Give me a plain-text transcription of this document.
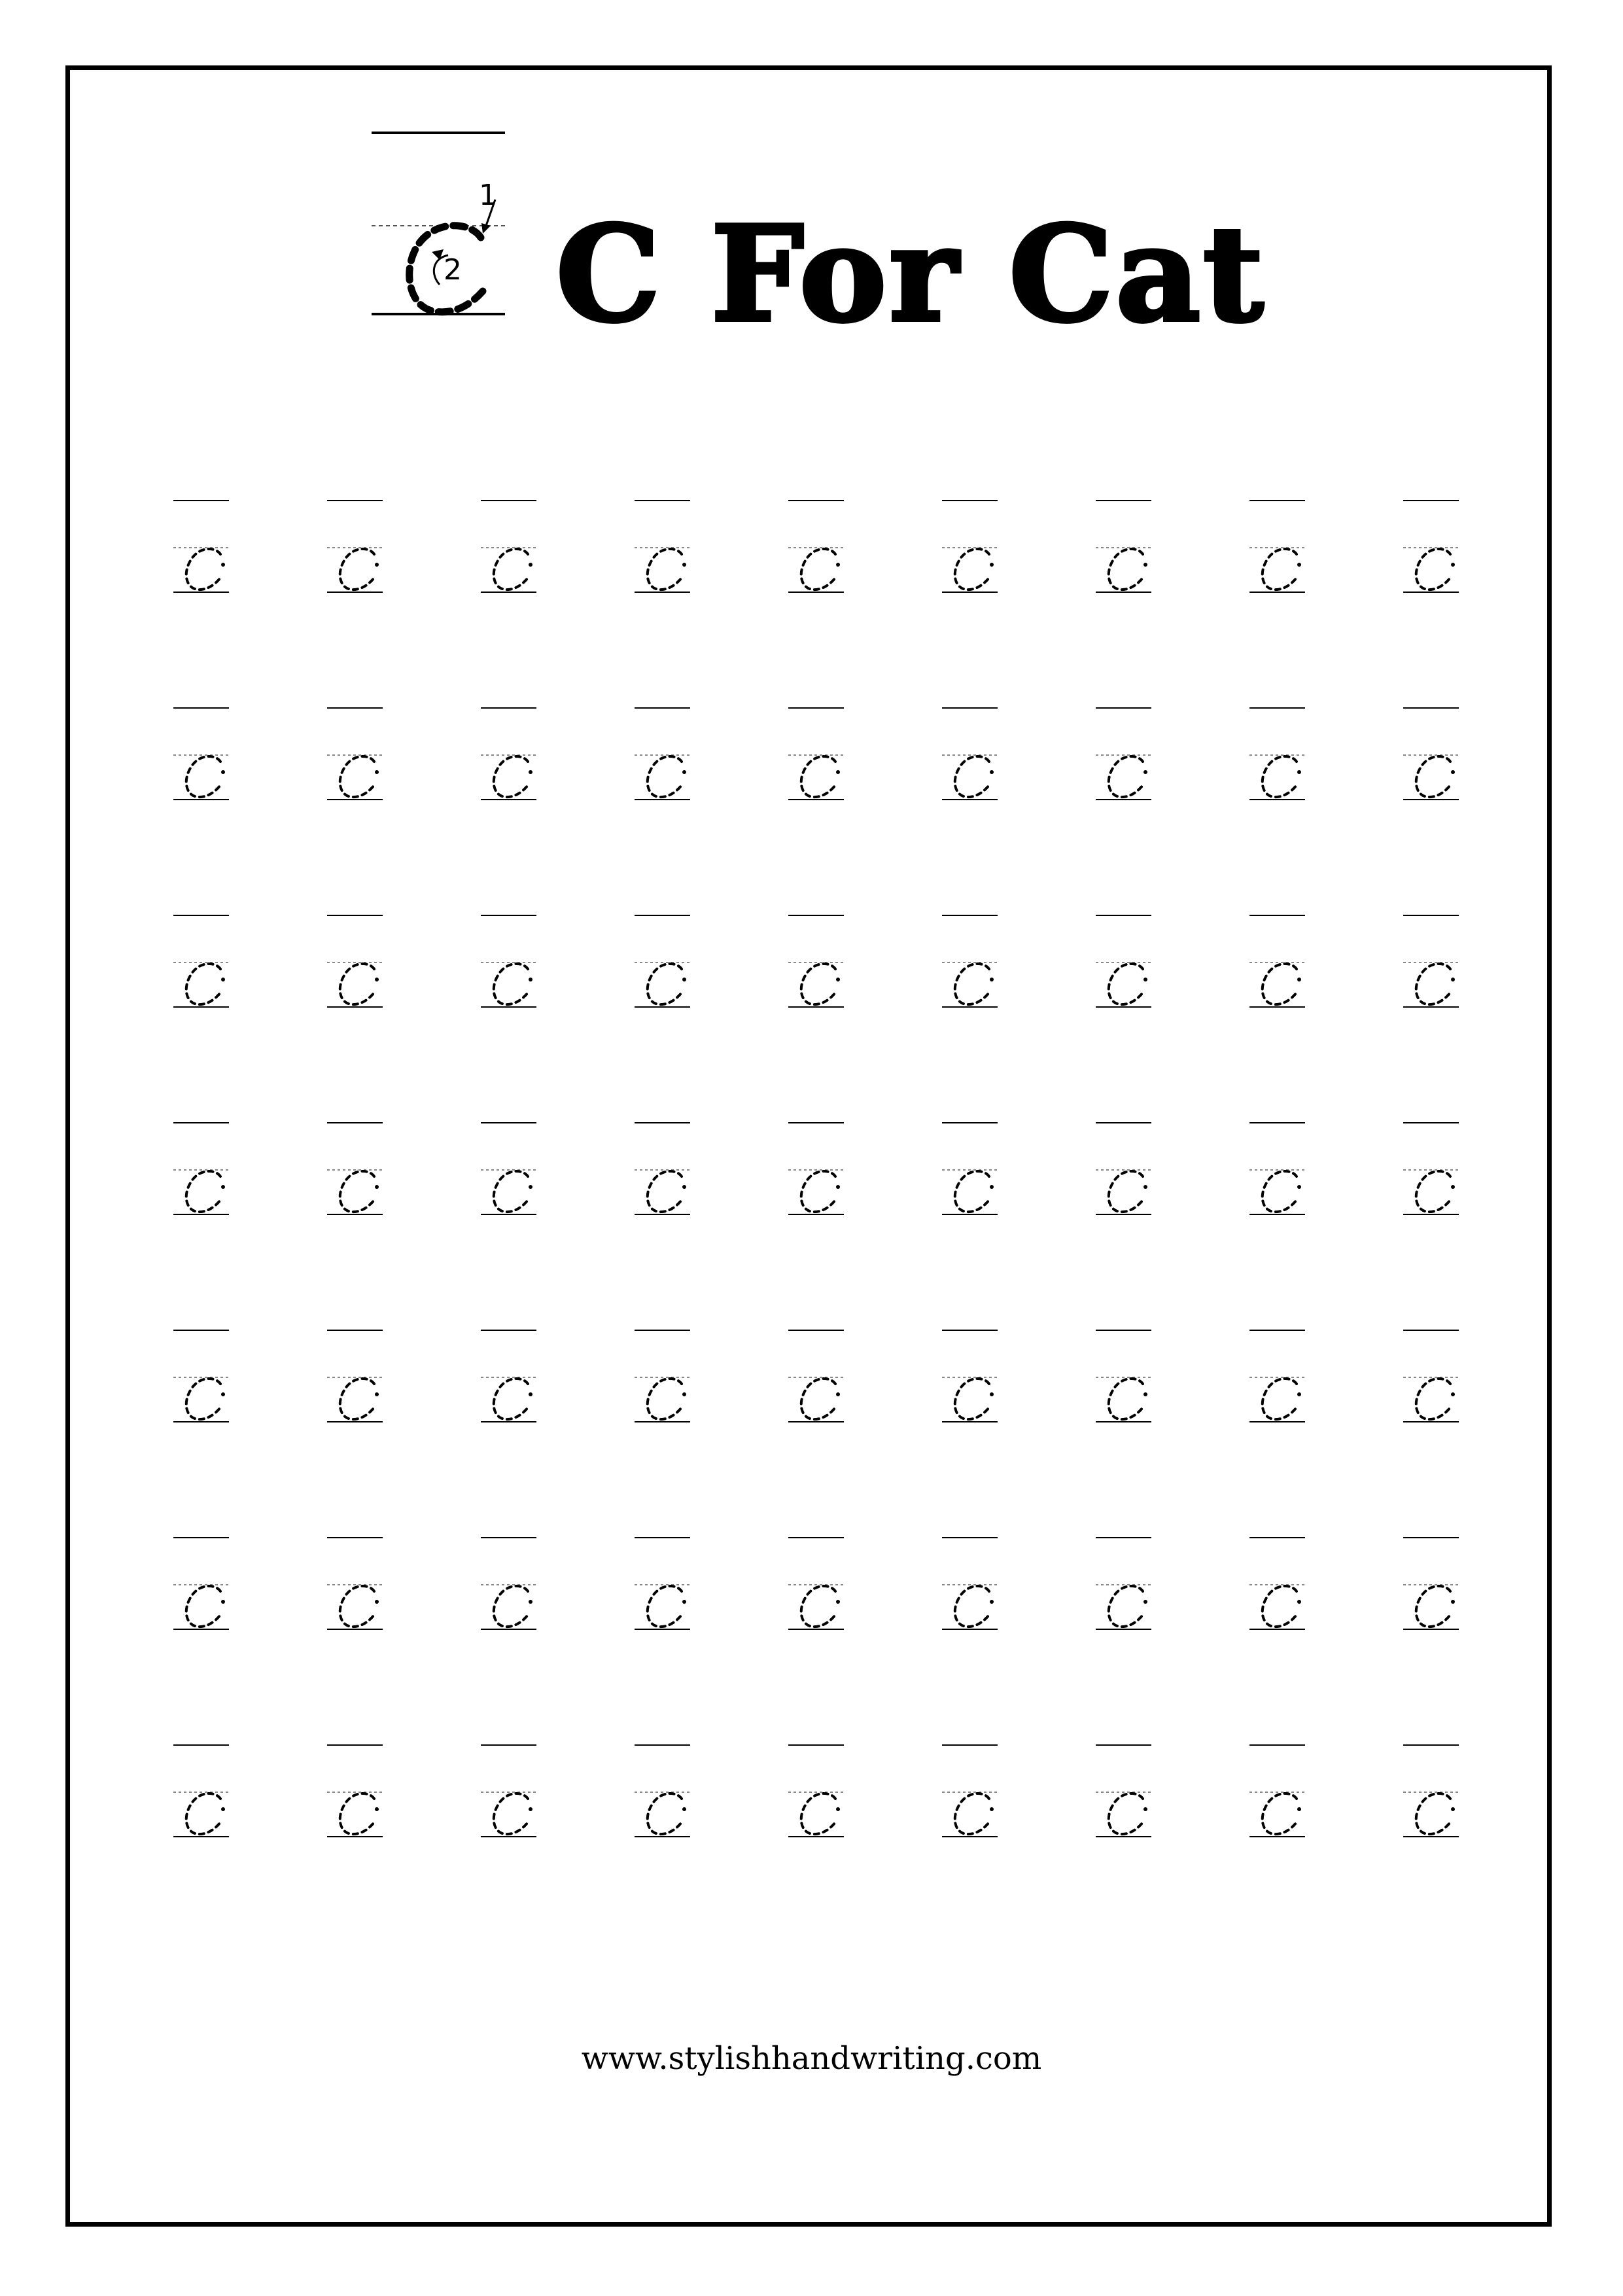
1
2 C For Cat
www.stylishhandwriting.com
